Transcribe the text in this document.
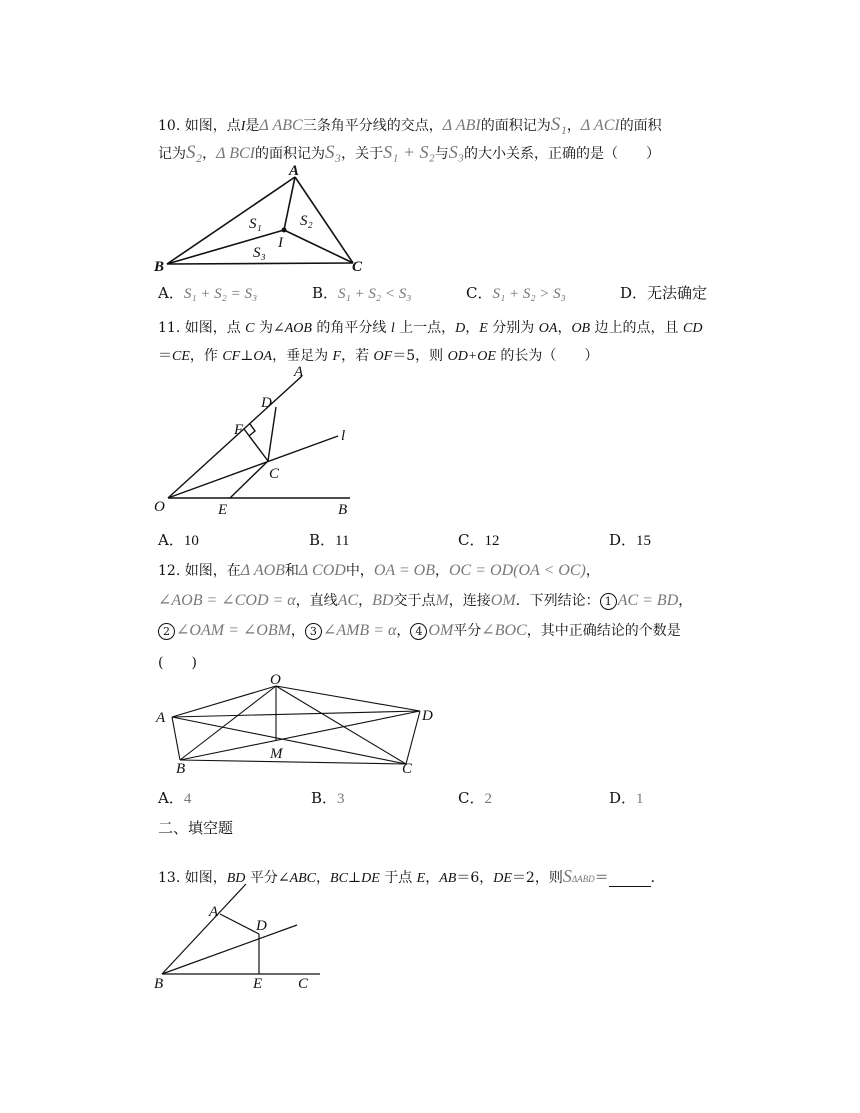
10. 如图，点I是Δ ABC三条角平分线的交点，Δ ABI的面积记为S₁，Δ ACI的面积
记为S₂，Δ BCI的面积记为S₃，关于S₁ + S₂与S₃的大小关系，正确的是（　　）
A
B	C
I
S₁	S₂
S₃
A．S₁ + S₂ = S₃	B．S₁ + S₂ < S₃	C．S₁ + S₂ > S₃	D．无法确定
11. 如图，点 C 为∠AOB 的角平分线 l 上一点，D，E 分别为 OA，OB 边上的点，且 CD
＝CE，作 CF⊥OA，垂足为 F，若 OF＝5，则 OD+OE 的长为（　　）
A
D
F	l
C
O	E	B
A．10	B．11	C．12	D．15
12. 如图，在Δ AOB和Δ COD中，OA = OB，OC = OD(OA < OC)，
∠AOB = ∠COD = α，直线AC，BD交于点M，连接OM．下列结论： 1 AC = BD，
2 ∠OAM = ∠OBM， 3 ∠AMB = α， 4 OM平分∠BOC，其中正确结论的个数是
(　　)
O
A	D
M
B	C
A．4	B．3	C．2	D．1
二、填空题
13. 如图，BD 平分∠ABC，BC⊥DE 于点 E，AB＝6，DE＝2，则SΔABD＝	．
A
D
B	E C
